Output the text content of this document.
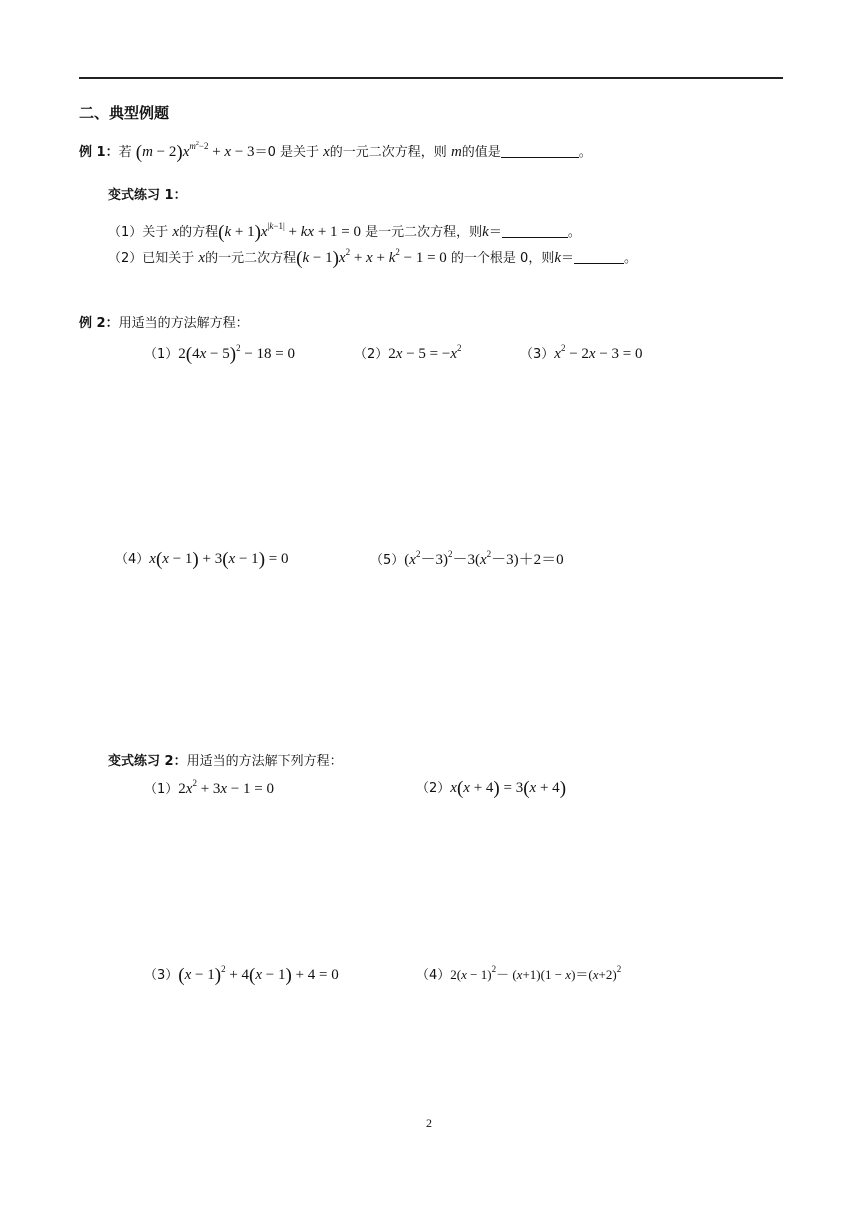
二、典型例题
例 1：若 $(m - 2)x^{m^2-2} + x - 3=0$ 是关于 x的一元二次方程，则 m的值是	。
变式练习 1：
（1）关于 x的方程$(k + 1)x^{|k-1|}$ + kx + 1 = 0 是一元二次方程，则k＝	。
（2）已知关于 x的一元二次方程$(k - 1)x^2 + x + k^2 - 1 = 0$ 的一个根是 0，则k＝	。
例 2：用适当的方法解方程：
$(1)2(4x - 5)^2 - 18 = 0$	$(2)2x - 5 = -x^2$	$(3)x^2 - 2x - 3 = 0$
（4）x(x − 1) + 3(x − 1) = 0	$(5)(x^2-3)^2-3(x^2-3)+2=0$
变式练习 2：用适当的方法解下列方程：
$(1)2x^2 + 3x - 1 = 0$	（2）x(x + 4) = 3(x + 4)
$(3)(x - 1)^2 + 4(x - 1) + 4 = 0$	$(4)2(x - 1)^2- (x+1)(1 - x)=(x+2)^2$
2
